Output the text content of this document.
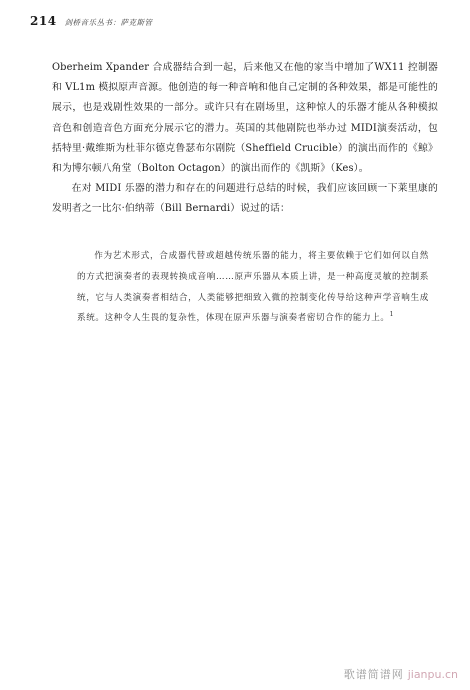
214 剑桥音乐丛书：萨克斯管

Oberheim Xpander 合成器结合到一起，后来他又在他的家当中增加了WX11 控制器和 VL1m 模拟原声音源。他创造的每一种音响和他自己定制的各种效果，都是可能性的展示，也是戏剧性效果的一部分。或许只有在剧场里，这种惊人的乐器才能从各种模拟音色和创造音色方面充分展示它的潜力。英国的其他剧院也举办过 MIDI演奏活动，包括特里·戴维斯为杜菲尔德克鲁瑟布尔剧院（Sheffield Crucible）的演出而作的《鲸》和为博尔顿八角堂（Bolton Octagon）的演出而作的《凯斯》（Kes）。

在对 MIDI 乐器的潜力和存在的问题进行总结的时候，我们应该回顾一下莱里康的发明者之一比尔·伯纳蒂（Bill Bernardi）说过的话：

作为艺术形式，合成器代替或超越传统乐器的能力，将主要依赖于它们如何以自然的方式把演奏者的表现转换成音响……原声乐器从本质上讲，是一种高度灵敏的控制系统，它与人类演奏者相结合，人类能够把细致入微的控制变化传导给这种声学音响生成系统。这种令人生畏的复杂性，体现在原声乐器与演奏者密切合作的能力上。$^1$

歌谱简谱网 jianpu.cn
